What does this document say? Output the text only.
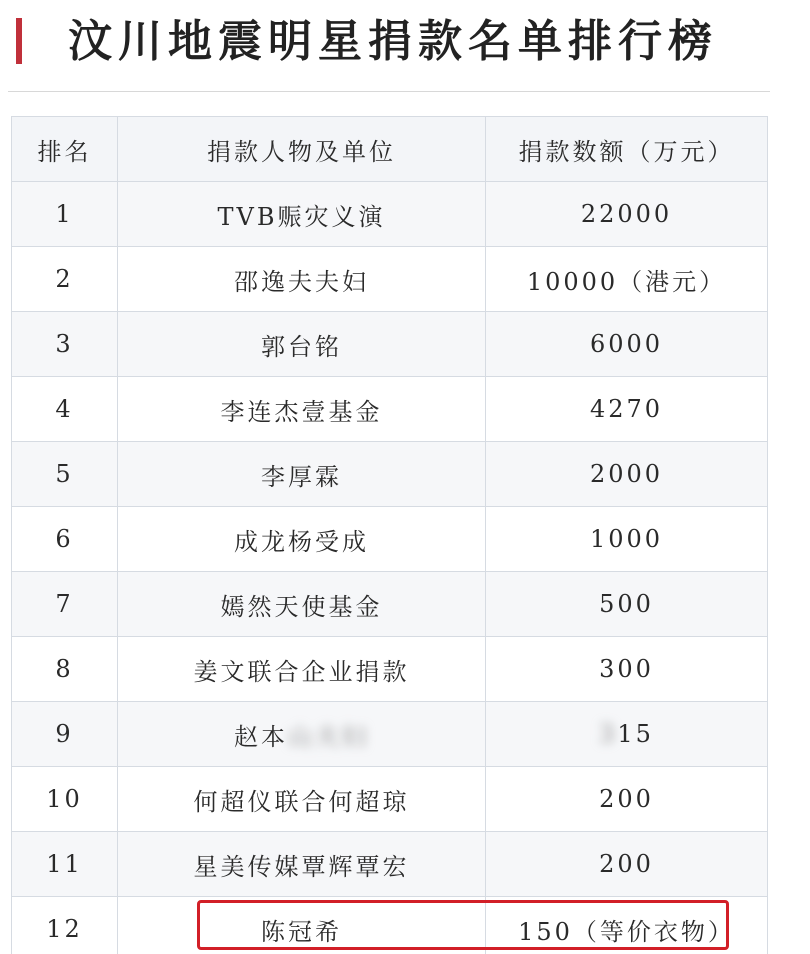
汶川地震明星捐款名单排行榜
排名	捐款人物及单位	捐款数额（万元）
1	TVB赈灾义演	22000
2	邵逸夫夫妇	10000（港元）
3	郭台铭	6000
4	李连杰壹基金	4270
5	李厚霖	2000
6	成龙杨受成	1000
7	嫣然天使基金	500
8	姜文联合企业捐款	300
9	赵本山夫妇	315
10	何超仪联合何超琼	200
11	星美传媒覃辉覃宏	200
12	陈冠希	150（等价衣物）
